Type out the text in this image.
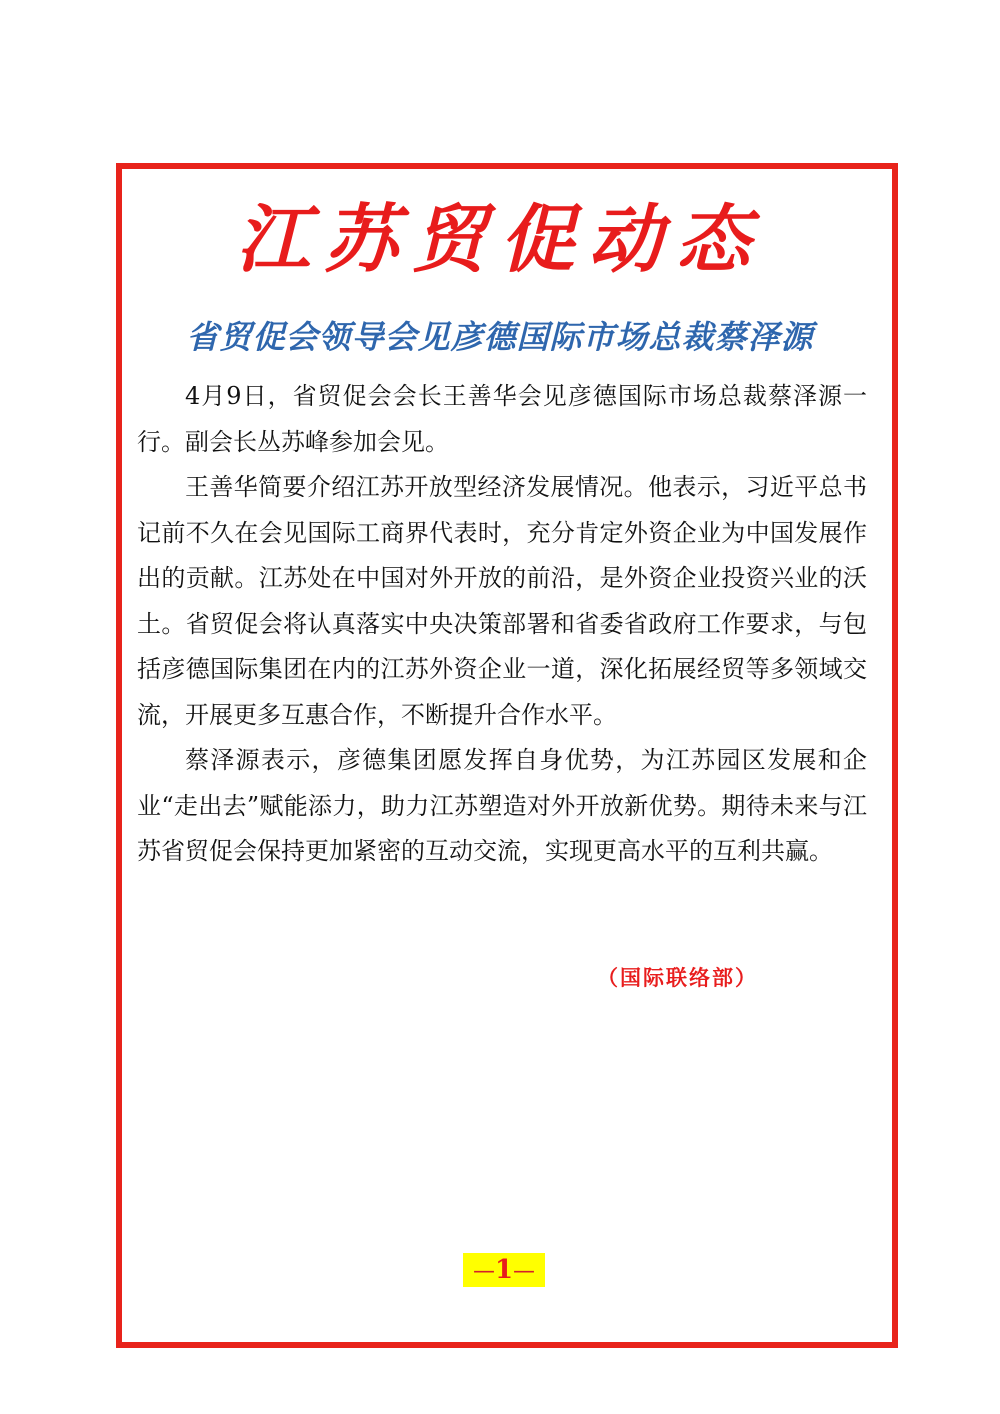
江苏贸促动态
省贸促会领导会见彦德国际市场总裁蔡泽源

4月9日，省贸促会会长王善华会见彦德国际市场总裁蔡泽源一行。副会长丛苏峰参加会见。

王善华简要介绍江苏开放型经济发展情况。他表示，习近平总书记前不久在会见国际工商界代表时，充分肯定外资企业为中国发展作出的贡献。江苏处在中国对外开放的前沿，是外资企业投资兴业的沃土。省贸促会将认真落实中央决策部署和省委省政府工作要求，与包括彦德国际集团在内的江苏外资企业一道，深化拓展经贸等多领域交流，开展更多互惠合作，不断提升合作水平。

蔡泽源表示，彦德集团愿发挥自身优势，为江苏园区发展和企业“走出去”赋能添力，助力江苏塑造对外开放新优势。期待未来与江苏省贸促会保持更加紧密的互动交流，实现更高水平的互利共赢。

（国际联络部）
—1—
